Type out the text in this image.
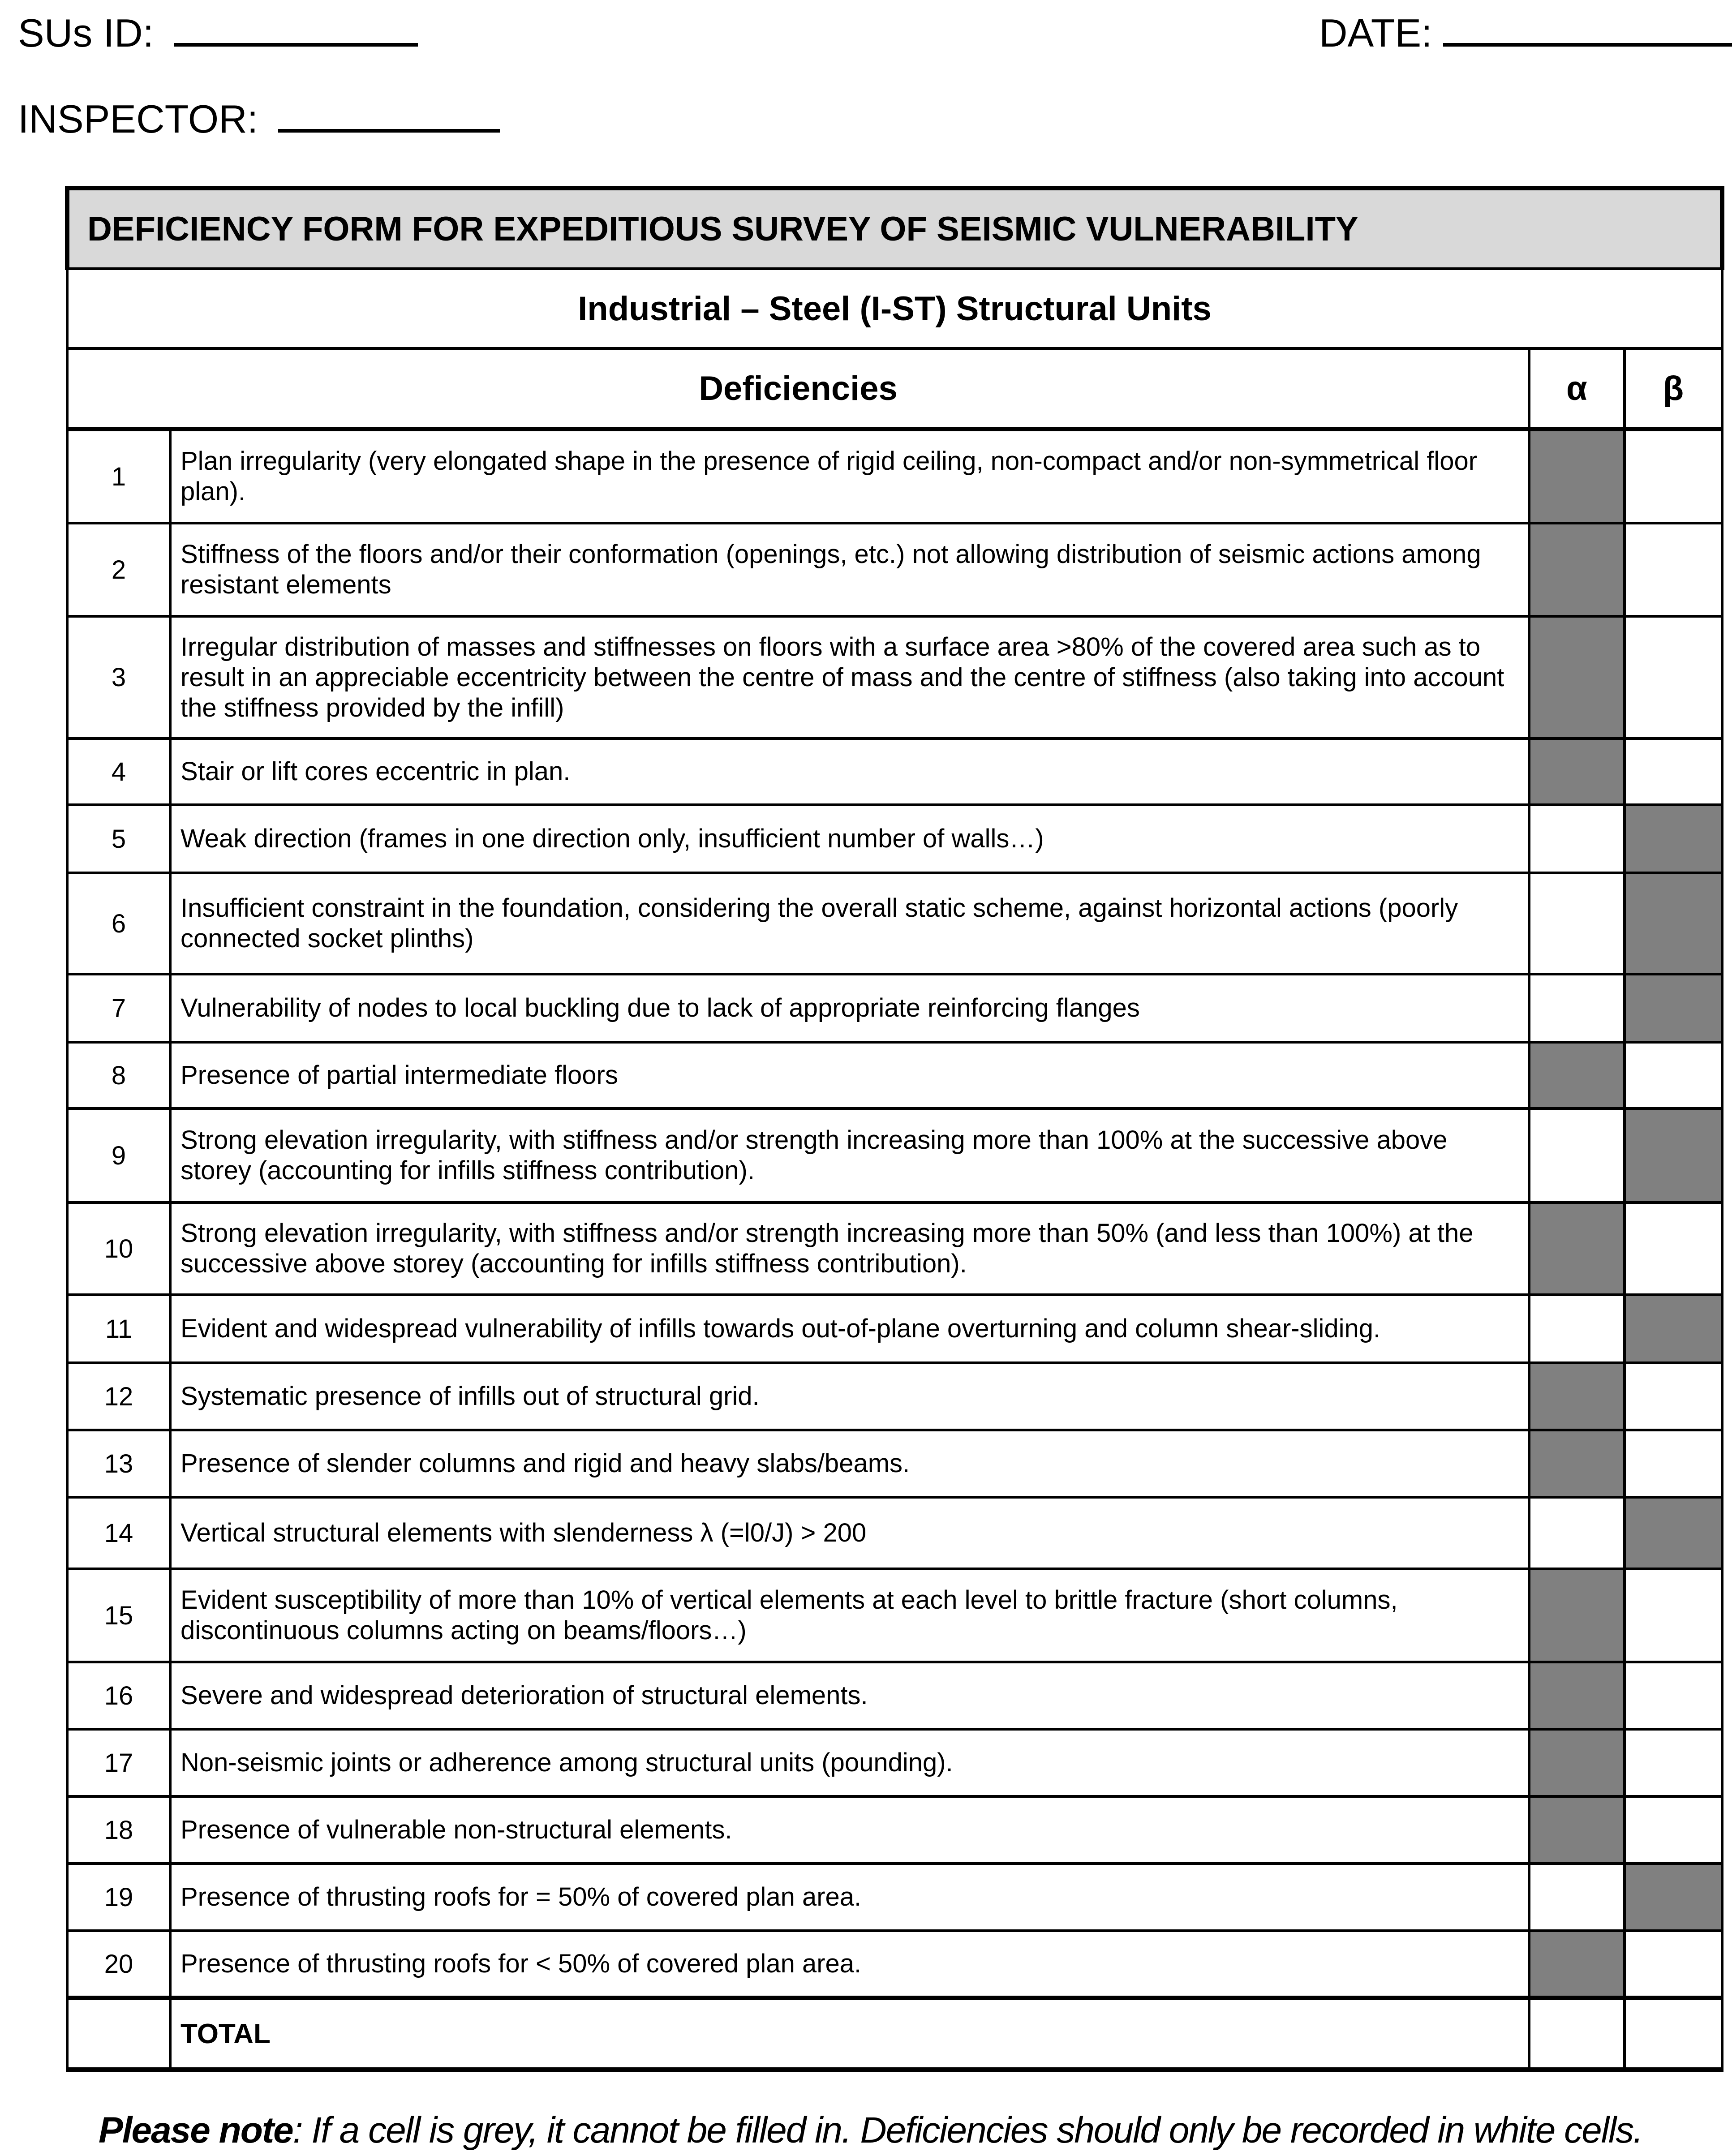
SUs ID:	DATE:
INSPECTOR:
DEFICIENCY FORM FOR EXPEDITIOUS SURVEY OF SEISMIC VULNERABILITY			
Industrial – Steel (I-ST) Structural Units			
Deficiencies		α	β
1	Plan irregularity (very elongated shape in the presence of rigid ceiling, non-compact and/or non-symmetrical floor plan).		
2	Stiffness of the floors and/or their conformation (openings, etc.) not allowing distribution of seismic actions among resistant elements		
3	Irregular distribution of masses and stiffnesses on floors with a surface area >80% of the covered area such as to result in an appreciable eccentricity between the centre of mass and the centre of stiffness (also taking into account the stiffness provided by the infill)		
4	Stair or lift cores eccentric in plan.		
5	Weak direction (frames in one direction only, insufficient number of walls…)		
6	Insufficient constraint in the foundation, considering the overall static scheme, against horizontal actions (poorly connected socket plinths)		
7	Vulnerability of nodes to local buckling due to lack of appropriate reinforcing flanges		
8	Presence of partial intermediate floors		
9	Strong elevation irregularity, with stiffness and/or strength increasing more than 100% at the successive above storey (accounting for infills stiffness contribution).		
10	Strong elevation irregularity, with stiffness and/or strength increasing more than 50% (and less than 100%) at the successive above storey (accounting for infills stiffness contribution).		
11	Evident and widespread vulnerability of infills towards out-of-plane overturning and column shear-sliding.		
12	Systematic presence of infills out of structural grid.		
13	Presence of slender columns and rigid and heavy slabs/beams.		
14	Vertical structural elements with slenderness λ (=l0/J) > 200		
15	Evident susceptibility of more than 10% of vertical elements at each level to brittle fracture (short columns, discontinuous columns acting on beams/floors…)		
16	Severe and widespread deterioration of structural elements.		
17	Non-seismic joints or adherence among structural units (pounding).		
18	Presence of vulnerable non-structural elements.		
19	Presence of thrusting roofs for = 50% of covered plan area.		
20	Presence of thrusting roofs for < 50% of covered plan area.		
	TOTAL		
Please note: If a cell is grey, it cannot be filled in. Deficiencies should only be recorded in white cells.
